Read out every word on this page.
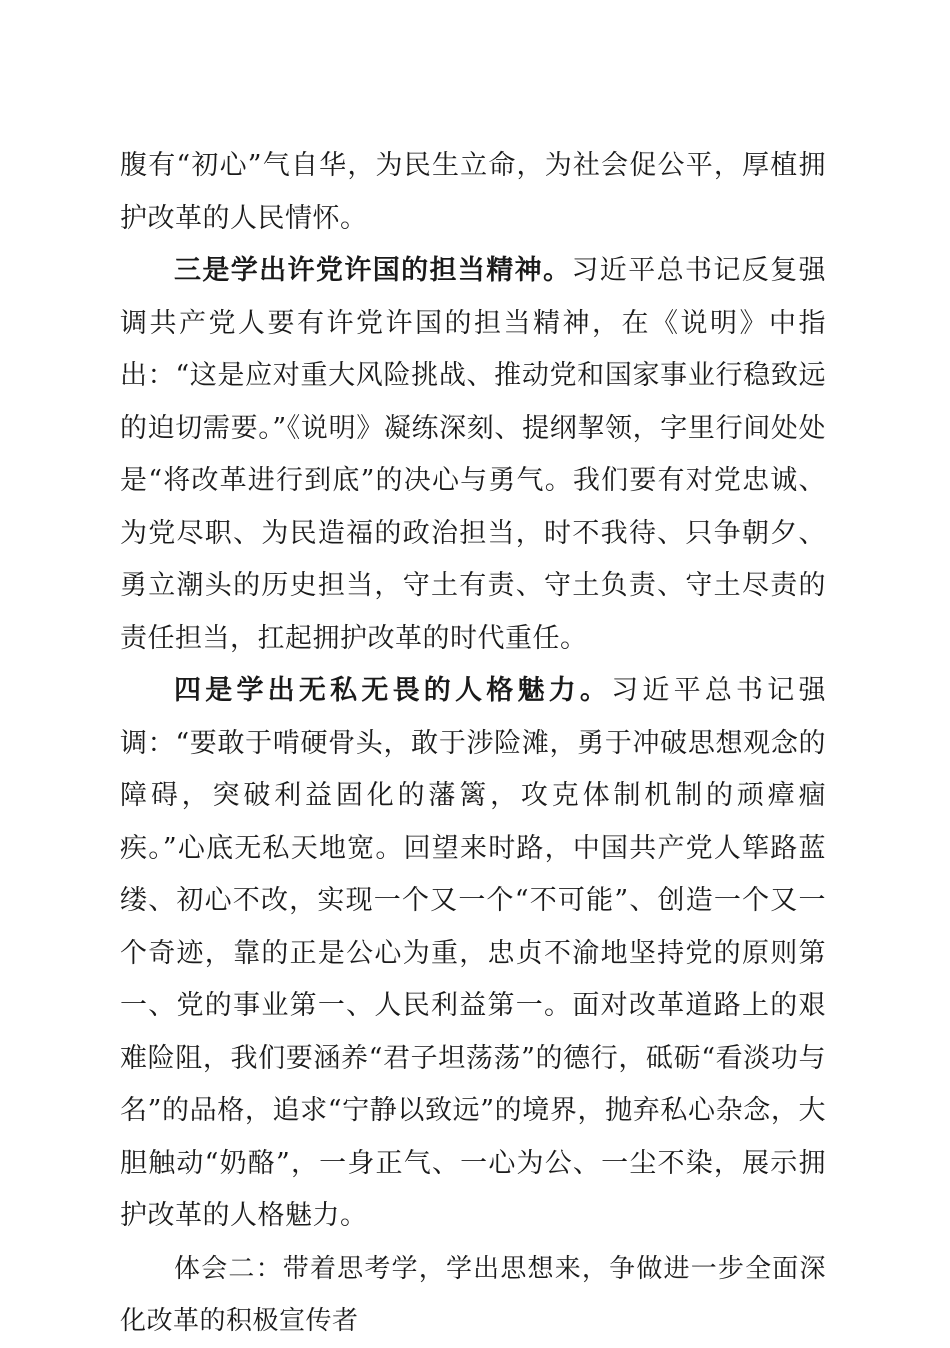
腹有“初心”气自华，为民生立命，为社会促公平，厚植拥护改革的人民情怀。

三是学出许党许国的担当精神。习近平总书记反复强调共产党人要有许党许国的担当精神，在《说明》中指出：“这是应对重大风险挑战、推动党和国家事业行稳致远的迫切需要。”《说明》凝练深刻、提纲挈领，字里行间处处是“将改革进行到底”的决心与勇气。我们要有对党忠诚、为党尽职、为民造福的政治担当，时不我待、只争朝夕、勇立潮头的历史担当，守土有责、守土负责、守土尽责的责任担当，扛起拥护改革的时代重任。

四是学出无私无畏的人格魅力。习近平总书记强调：“要敢于啃硬骨头，敢于涉险滩，勇于冲破思想观念的障碍，突破利益固化的藩篱，攻克体制机制的顽瘴痼疾。”心底无私天地宽。回望来时路，中国共产党人筚路蓝缕、初心不改，实现一个又一个“不可能”、创造一个又一个奇迹，靠的正是公心为重，忠贞不渝地坚持党的原则第一、党的事业第一、人民利益第一。面对改革道路上的艰难险阻，我们要涵养“君子坦荡荡”的德行，砥砺“看淡功与名”的品格，追求“宁静以致远”的境界，抛弃私心杂念，大胆触动“奶酪”，一身正气、一心为公、一尘不染，展示拥护改革的人格魅力。

体会二：带着思考学，学出思想来，争做进一步全面深化改革的积极宣传者
